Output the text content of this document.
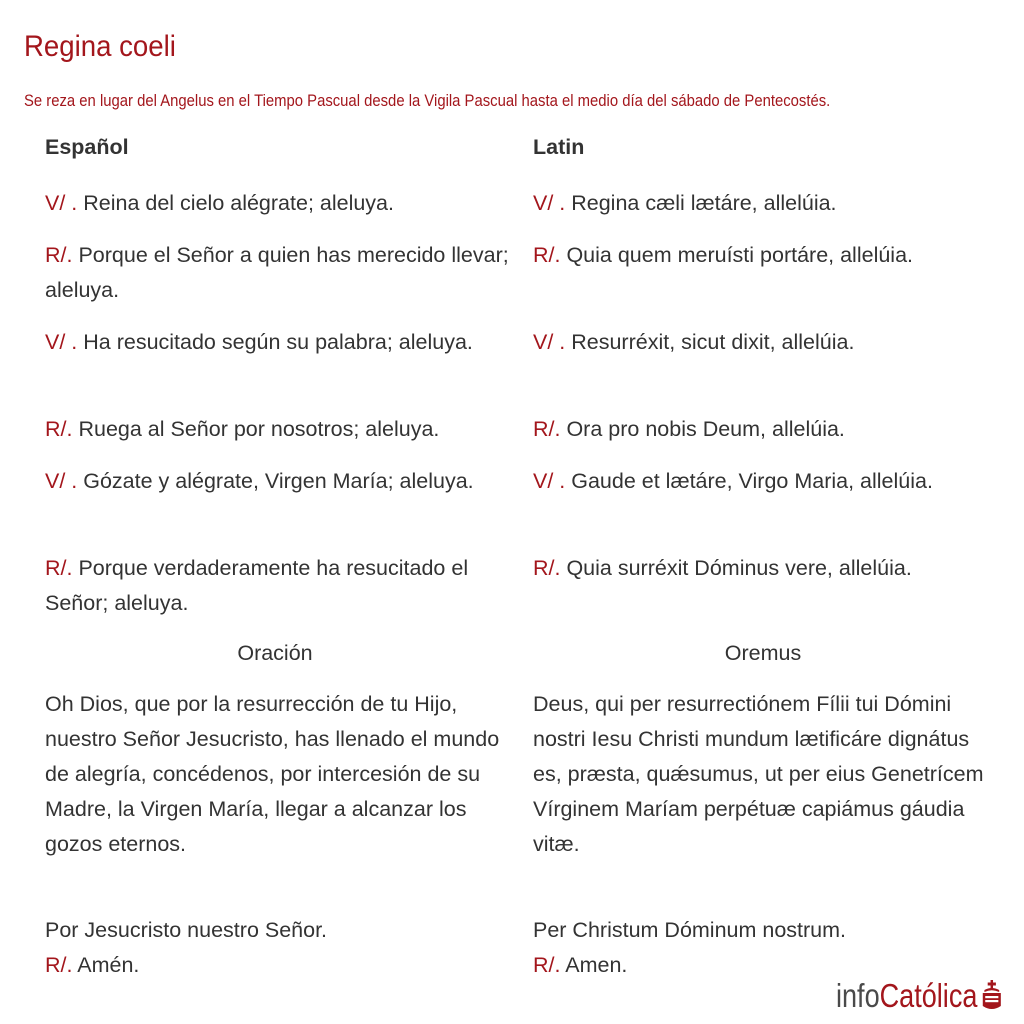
Regina coeli
Se reza en lugar del Angelus en el Tiempo Pascual desde la Vigila Pascual hasta el medio día del sábado de Pentecostés.
Español
V/ . Reina del cielo alégrate; aleluya.
R/. Porque el Señor a quien has merecido llevar; aleluya.
V/ . Ha resucitado según su palabra; aleluya.
R/. Ruega al Señor por nosotros; aleluya.
V/ . Gózate y alégrate, Virgen María; aleluya.
R/. Porque verdaderamente ha resucitado el Señor; aleluya.
Oración
Oh Dios, que por la resurrección de tu Hijo, nuestro Señor Jesucristo, has llenado el mundo de alegría, concédenos, por intercesión de su Madre, la Virgen María, llegar a alcanzar los gozos eternos.
Por Jesucristo nuestro Señor.
R/. Amén.
Latin
V/ . Regina cæli lætáre, allelúia.
R/. Quia quem meruísti portáre, allelúia.
V/ . Resurréxit, sicut dixit, allelúia.
R/. Ora pro nobis Deum, allelúia.
V/ . Gaude et lætáre, Virgo Maria, allelúia.
R/. Quia surréxit Dóminus vere, allelúia.
Oremus
Deus, qui per resurrectiónem Fílii tui Dómini nostri Iesu Christi mundum lætificáre dignátus es, præsta, quǽsumus, ut per eius Genetrícem Vírginem Maríam perpétuæ capiámus gáudia vitæ.
Per Christum Dóminum nostrum.
R/. Amen.
info Católica
